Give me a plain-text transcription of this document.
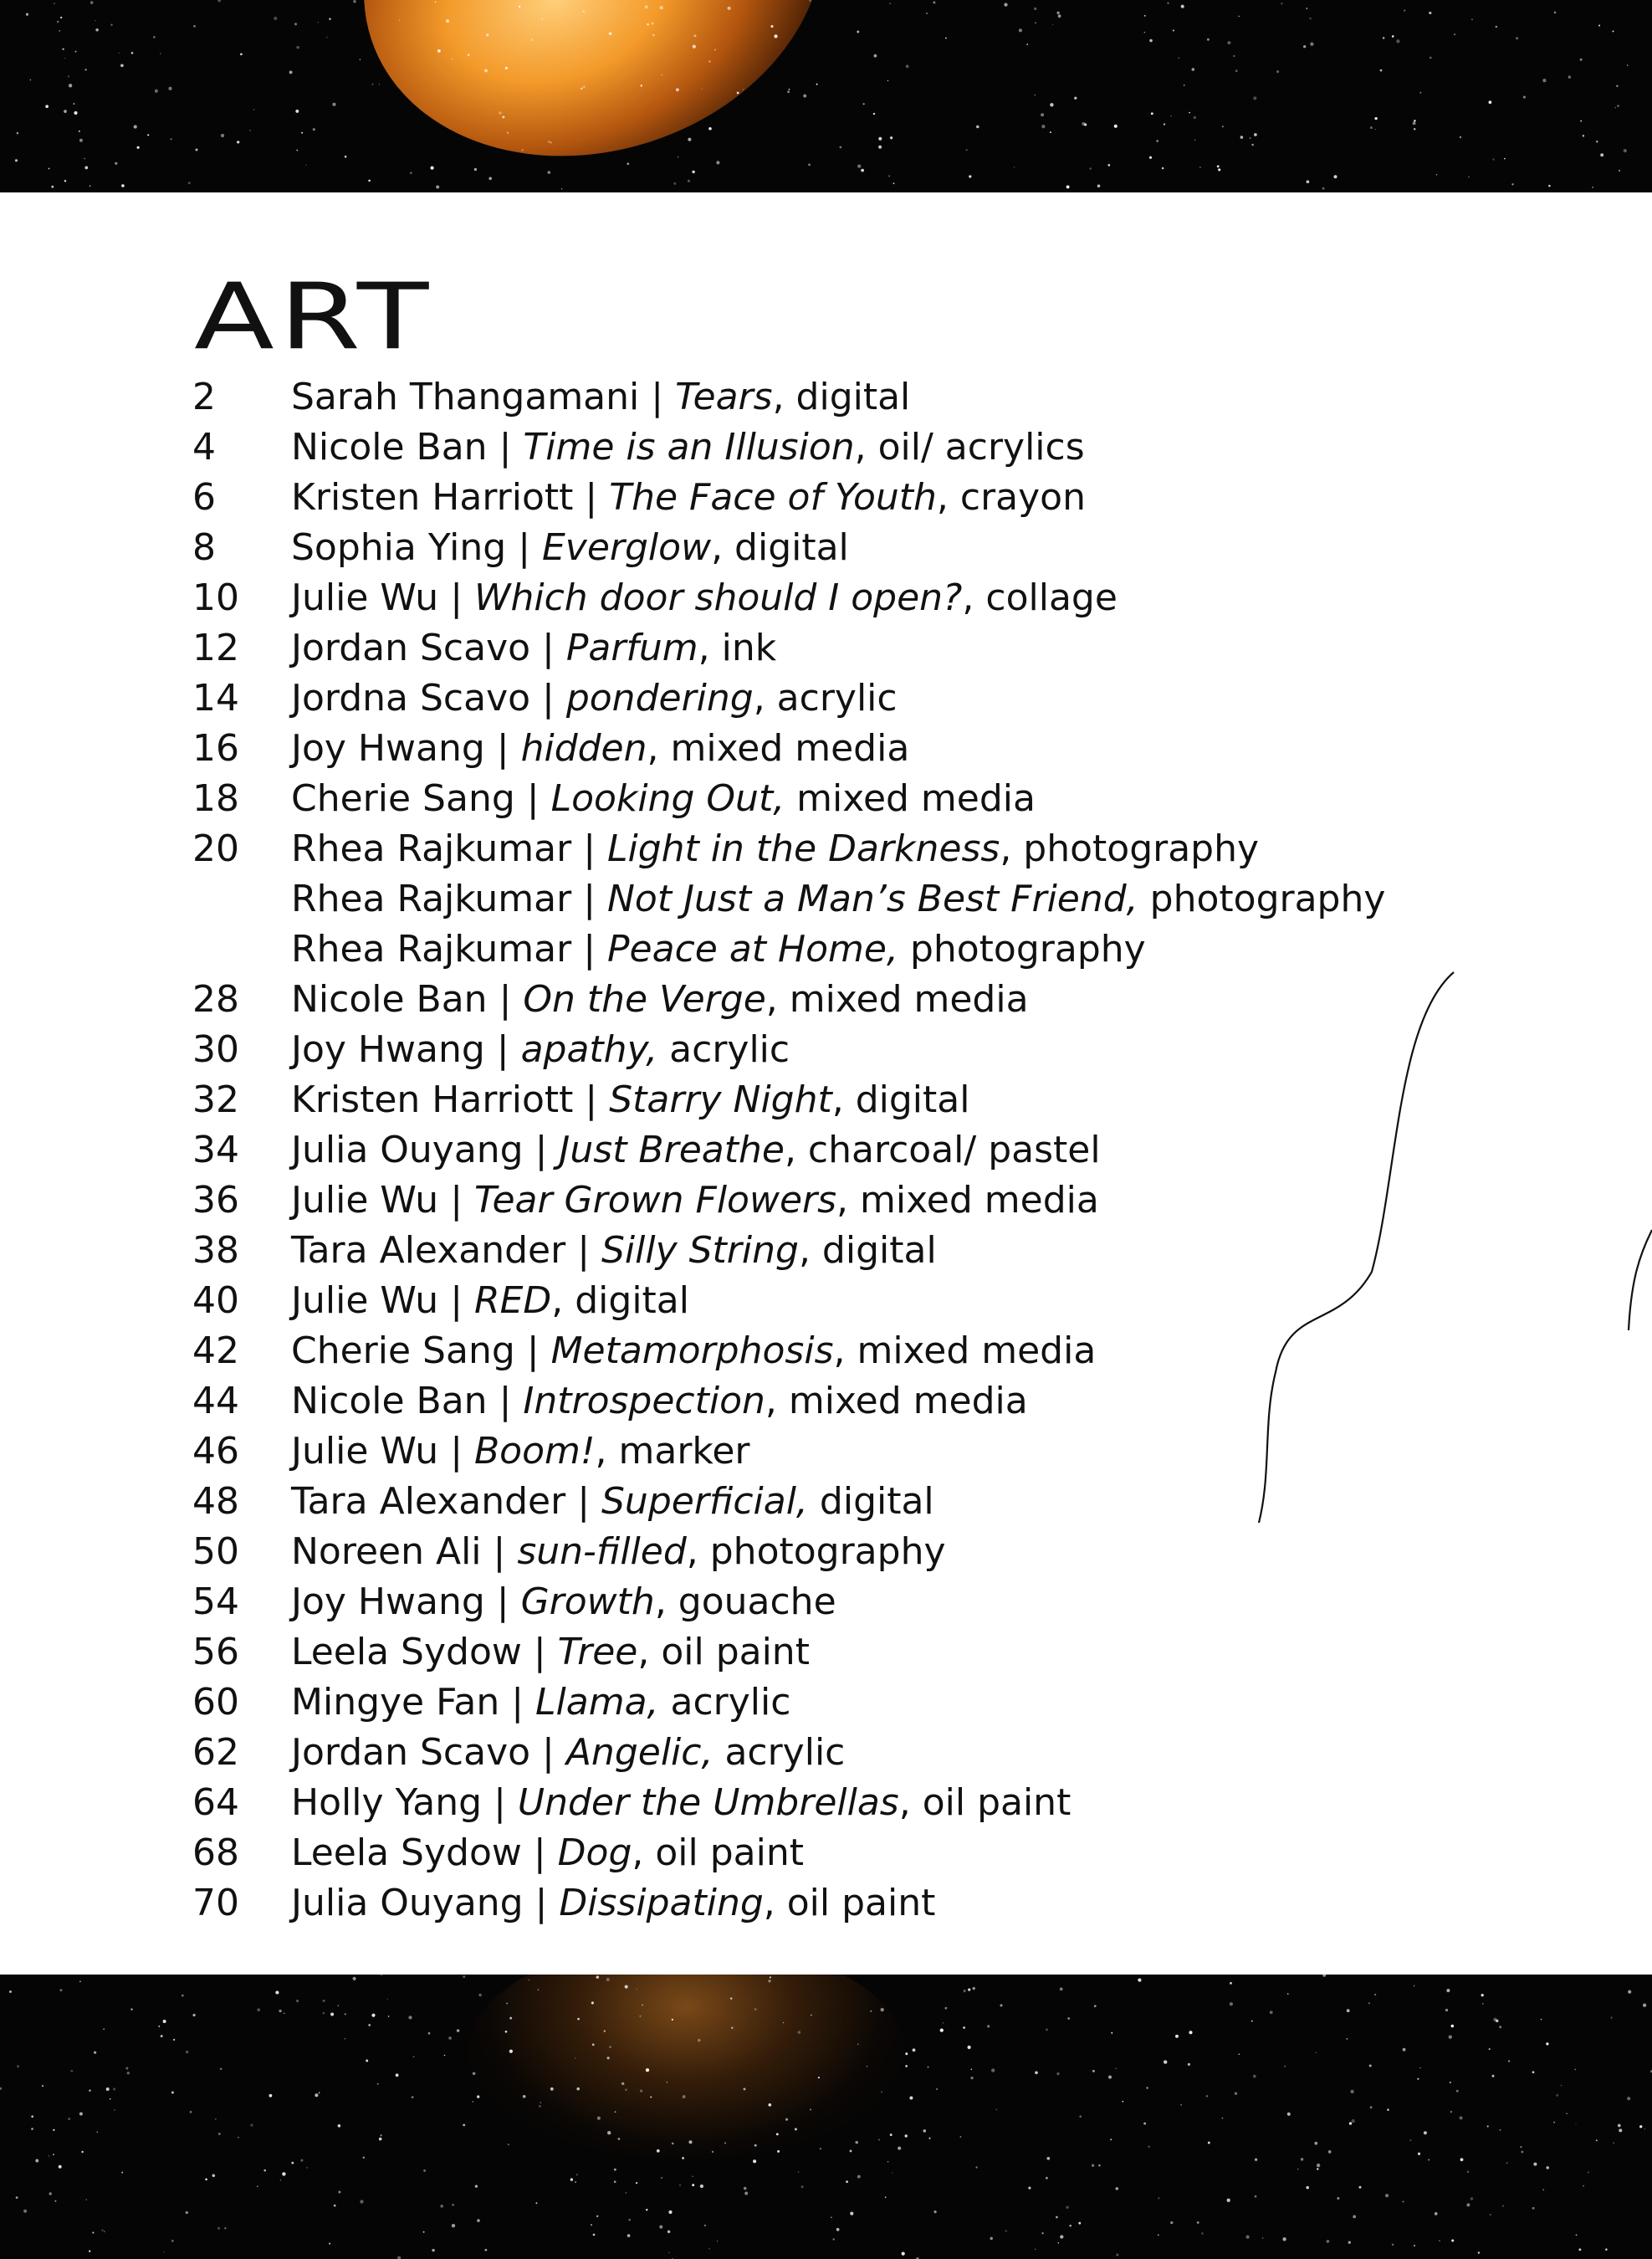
ART
2	Sarah Thangamani | Tears, digital
4	Nicole Ban | Time is an Illusion, oil/ acrylics
6	Kristen Harriott | The Face of Youth, crayon
8	Sophia Ying | Everglow, digital
10	Julie Wu | Which door should I open?, collage
12	Jordan Scavo | Parfum, ink
14	Jordna Scavo | pondering, acrylic
16	Joy Hwang | hidden, mixed media
18	Cherie Sang | Looking Out, mixed media
20	Rhea Rajkumar | Light in the Darkness, photography
Rhea Rajkumar | Not Just a Man’s Best Friend, photography
Rhea Rajkumar | Peace at Home, photography
28	Nicole Ban | On the Verge, mixed media
30	Joy Hwang | apathy, acrylic
32	Kristen Harriott | Starry Night, digital
34	Julia Ouyang | Just Breathe, charcoal/ pastel
36	Julie Wu | Tear Grown Flowers, mixed media
38	Tara Alexander | Silly String, digital
40	Julie Wu | RED, digital
42	Cherie Sang | Metamorphosis, mixed media
44	Nicole Ban | Introspection, mixed media
46	Julie Wu | Boom!, marker
48	Tara Alexander | Superficial, digital
50	Noreen Ali | sun-filled, photography
54	Joy Hwang | Growth, gouache
56	Leela Sydow | Tree, oil paint
60	Mingye Fan | Llama, acrylic
62	Jordan Scavo | Angelic, acrylic
64	Holly Yang | Under the Umbrellas, oil paint
68	Leela Sydow | Dog, oil paint
70	Julia Ouyang | Dissipating, oil paint
